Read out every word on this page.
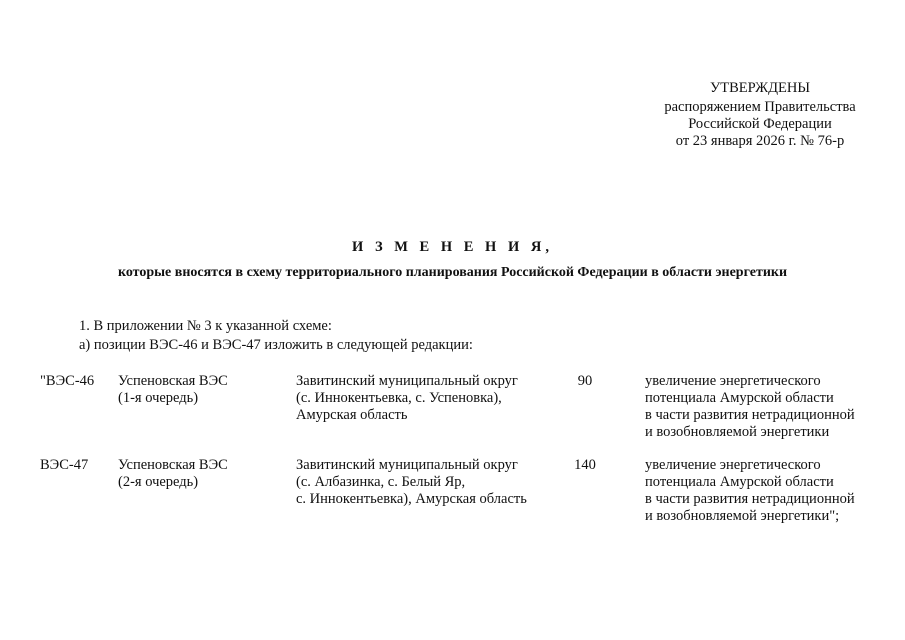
УТВЕРЖДЕНЫ
распоряжением Правительства
Российской Федерации
от 23 января 2026 г. № 76-р
И З М Е Н Е Н И Я,
которые вносятся в схему территориального планирования Российской Федерации в области энергетики
1. В приложении № 3 к указанной схеме:
а) позиции ВЭС-46 и ВЭС-47 изложить в следующей редакции:
"ВЭС-46 Успеновская ВЭС
(1-я очередь)
Завитинский муниципальный округ
(с. Иннокентьевка, с. Успеновка),
Амурская область
90	увеличение энергетического
потенциала Амурской области
в части развития нетрадиционной
и возобновляемой энергетики
ВЭС-47 Успеновская ВЭС
(2-я очередь)
Завитинский муниципальный округ
(с. Албазинка, с. Белый Яр,
с. Иннокентьевка), Амурская область
140	увеличение энергетического
потенциала Амурской области
в части развития нетрадиционной
и возобновляемой энергетики";
